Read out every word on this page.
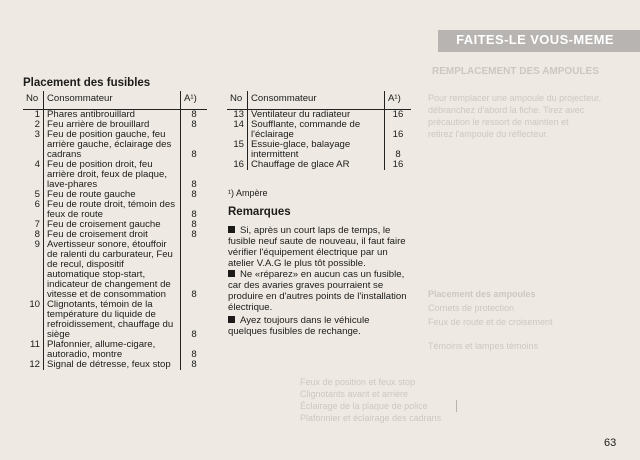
REMPLACEMENT DES AMPOULES
Pour remplacer une ampoule du projecteur,
débranchez d'abord la fiche. Tirez avec
précaution le ressort de maintien et
retirez l'ampoule du réflecteur.
Placement des ampoules
Cornets de protection
Feux de route et de croisement
Témoins et lampes témoins
Feux de position et feux stop
Clignotants avant et arrière
Éclairage de la plaque de police
Plafonnier et éclairage des cadrans
FAITES-LE VOUS-MEME
Placement des fusibles
No	Consommateur	A¹)
1	Phares antibrouillard	8
2	Feu arrière de brouillard	8
3	Feu de position gauche, feu arrière gauche, éclairage des cadrans	8
4	Feu de position droit, feu arrière droit, feux de plaque, lave-phares	8
5	Feu de route gauche	8
6	Feu de route droit, témoin des feux de route	8
7	Feu de croisement gauche	8
8	Feu de croisement droit	8
9	Avertisseur sonore, étouffoir de ralenti du carburateur, Feu de recul, dispositif automatique stop-start, indicateur de changement de vitesse et de consommation	8
10	Clignotants, témoin de la température du liquide de refroidissement, chauffage du siège	8
11	Plafonnier, allume-cigare, autoradio, montre	8
12	Signal de détresse, feux stop	8
No	Consommateur	A¹)
13	Ventilateur du radiateur	16
14	Soufflante, commande de l'éclairage	16
15	Essuie-glace, balayage intermittent	8
16	Chauffage de glace AR	16
¹) Ampère
Remarques
Si, après un court laps de temps, le fusible neuf saute de nouveau, il faut faire vérifier l'équipement électrique par un atelier V.A.G le plus tôt possible.
Ne «réparez» en aucun cas un fusible, car des avaries graves pourraient se produire en d'autres points de l'installation électrique.
Ayez toujours dans le véhicule quelques fusibles de rechange.
63
